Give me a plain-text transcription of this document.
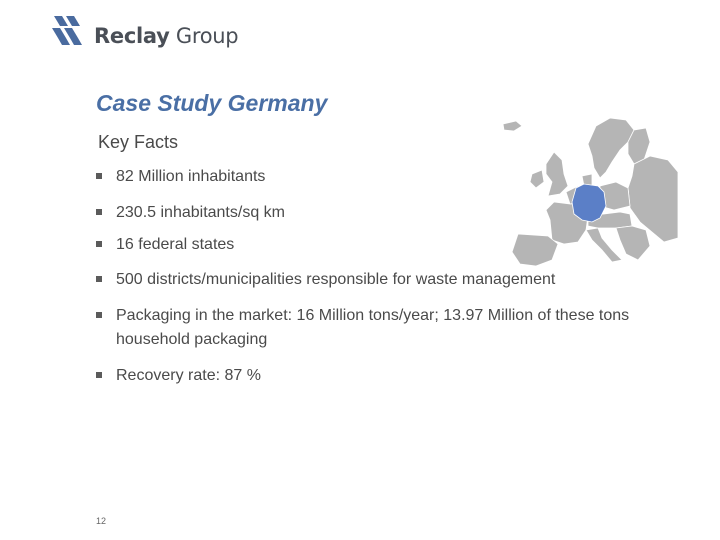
Reclay Group
Case Study Germany
Key Facts
82 Million inhabitants
230.5 inhabitants/sq km
16 federal states
500 districts/municipalities responsible for waste management
Packaging in the market: 16 Million tons/year; 13.97 Million of these tons household packaging
Recovery rate: 87 %
12
